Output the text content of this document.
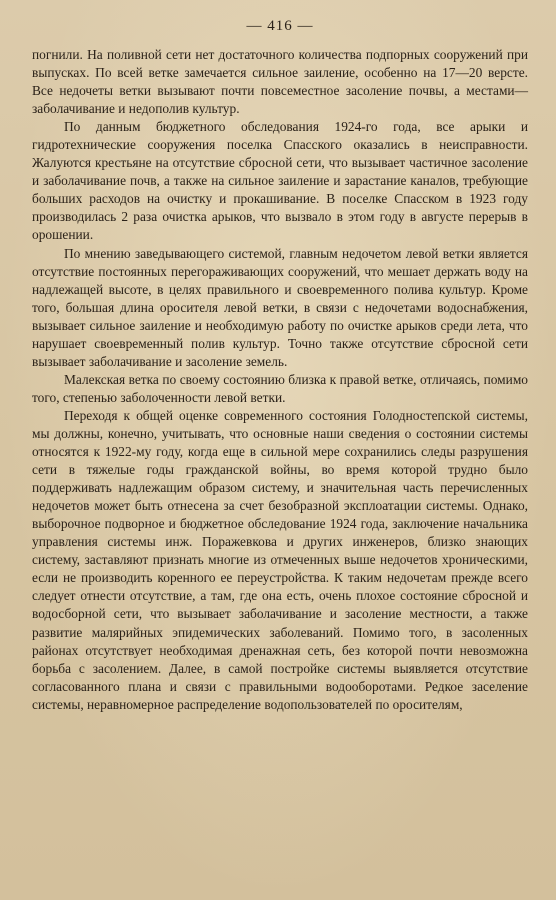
— 416 —

погнили. На поливной сети нет достаточного количества подпорных сооружений при выпусках. По всей ветке замечается сильное заиление, особенно на 17—20 версте. Все недочеты ветки вызывают почти повсеместное засоление почвы, а местами—заболачивание и недополив культур.

По данным бюджетного обследования 1924-го года, все арыки и гидротехнические сооружения поселка Спасского оказались в неисправности. Жалуются крестьяне на отсутствие сбросной сети, что вызывает частичное засоление и заболачивание почв, а также на сильное заиление и зарастание каналов, требующие больших расходов на очистку и прокашивание. В поселке Спасском в 1923 году производилась 2 раза очистка арыков, что вызвало в этом году в августе перерыв в орошении.

По мнению заведывающего системой, главным недочетом левой ветки является отсутствие постоянных перегораживающих сооружений, что мешает держать воду на надлежащей высоте, в целях правильного и своевременного полива культур. Кроме того, большая длина оросителя левой ветки, в связи с недочетами водоснабжения, вызывает сильное заиление и необходимую работу по очистке арыков среди лета, что нарушает своевременный полив культур. Точно также отсутствие сбросной сети вызывает заболачивание и засоление земель.

Малекская ветка по своему состоянию близка к правой ветке, отличаясь, помимо того, степенью заболоченности левой ветки.

Переходя к общей оценке современного состояния Голодностепской системы, мы должны, конечно, учитывать, что основные наши сведения о состоянии системы относятся к 1922-му году, когда еще в сильной мере сохранились следы разрушения сети в тяжелые годы гражданской войны, во время которой трудно было поддерживать надлежащим образом систему, и значительная часть перечисленных недочетов может быть отнесена за счет безобразной эксплоатации системы. Однако, выборочное подворное и бюджетное обследование 1924 года, заключение начальника управления системы инж. Поражевкова и других инженеров, близко знающих систему, заставляют признать многие из отмеченных выше недочетов хроническими, если не производить коренного ее переустройства. К таким недочетам прежде всего следует отнести отсутствие, а там, где она есть, очень плохое состояние сбросной и водосборной сети, что вызывает заболачивание и засоление местности, а также развитие малярийных эпидемических заболеваний. Помимо того, в засоленных районах отсутствует необходимая дренажная сеть, без которой почти невозможна борьба с засолением. Далее, в самой постройке системы выявляется отсутствие согласованного плана и связи с правильными водооборотами. Редкое заселение системы, неравномерное распределение водопользователей по оросителям,
